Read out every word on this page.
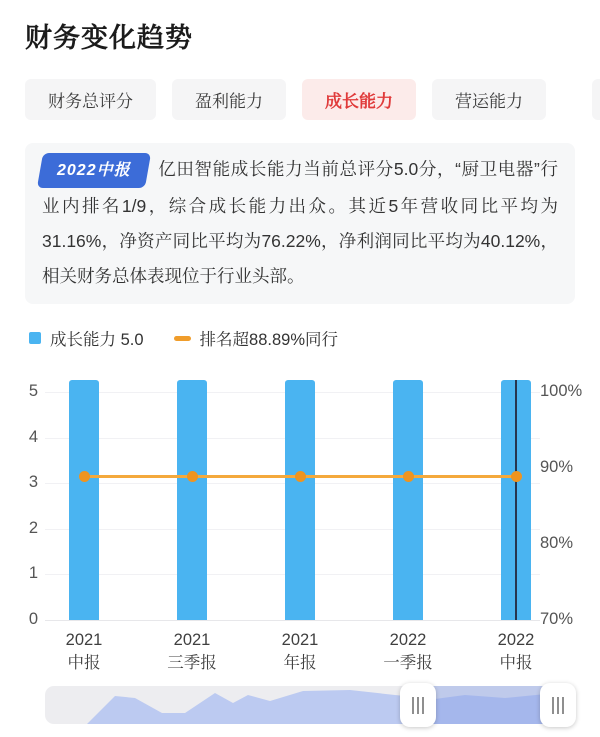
财务变化趋势
财务总评分	盈利能力	成长能力	营运能力
2022中报 亿田智能成长能力当前总评分5.0分，“厨卫电器”行业内排名1/9，综合成长能力出众。其近5年营收同比平均为31.16%，净资产同比平均为76.22%，净利润同比平均为40.12%，相关财务总体表现位于行业头部。
成长能力 5.0	排名超88.89%同行
5
4
3
2
1
0
100%
90%
80%
70%
2021
中报
2021
三季报
2021
年报
2022
一季报
2022
中报
